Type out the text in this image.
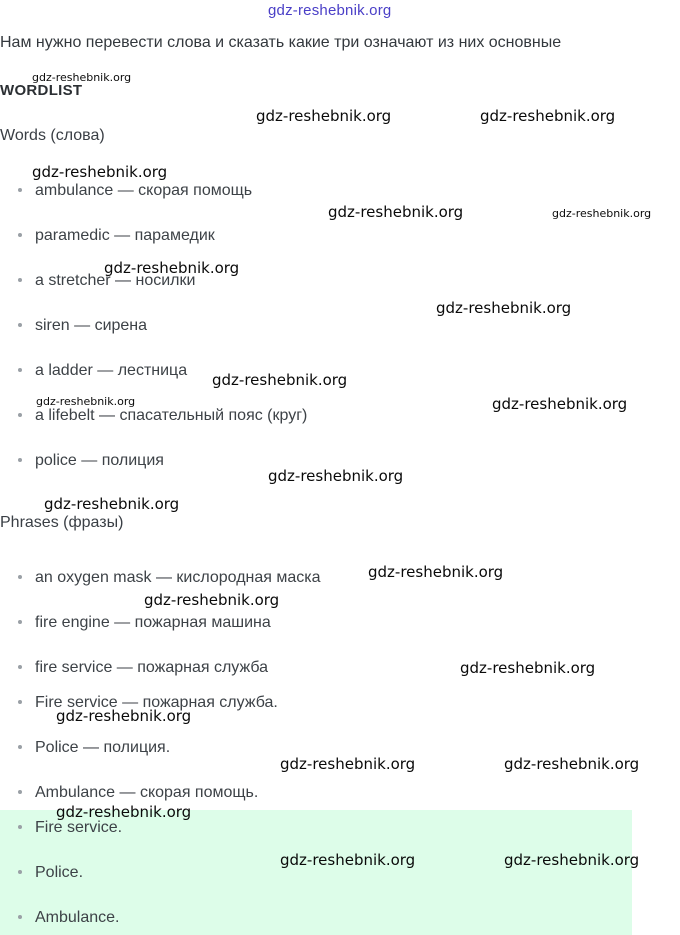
gdz-reshebnik.org
Нам нужно перевести слова и сказать какие три означают из них основные
WORDLIST
Words (слова)
ambulance — скорая помощь
paramedic — парамедик
a stretcher — носилки
siren — сирена
a ladder — лестница
a lifebelt — спасательный пояс (круг)
police — полиция
Phrases (фразы)
an oxygen mask — кислородная маска
fire engine — пожарная машина
fire service — пожарная служба
Fire service — пожарная служба.
Police — полиция.
Ambulance — скорая помощь.
Fire service.
Police.
Ambulance.
gdz-reshebnik.org
gdz-reshebnik.org	gdz-reshebnik.org
gdz-reshebnik.org
gdz-reshebnik.org	gdz-reshebnik.org
gdz-reshebnik.org
gdz-reshebnik.org
gdz-reshebnik.org
gdz-reshebnik.org	gdz-reshebnik.org
gdz-reshebnik.org
gdz-reshebnik.org
gdz-reshebnik.org
gdz-reshebnik.org
gdz-reshebnik.org
gdz-reshebnik.org
gdz-reshebnik.org	gdz-reshebnik.org
gdz-reshebnik.org
gdz-reshebnik.org	gdz-reshebnik.org
